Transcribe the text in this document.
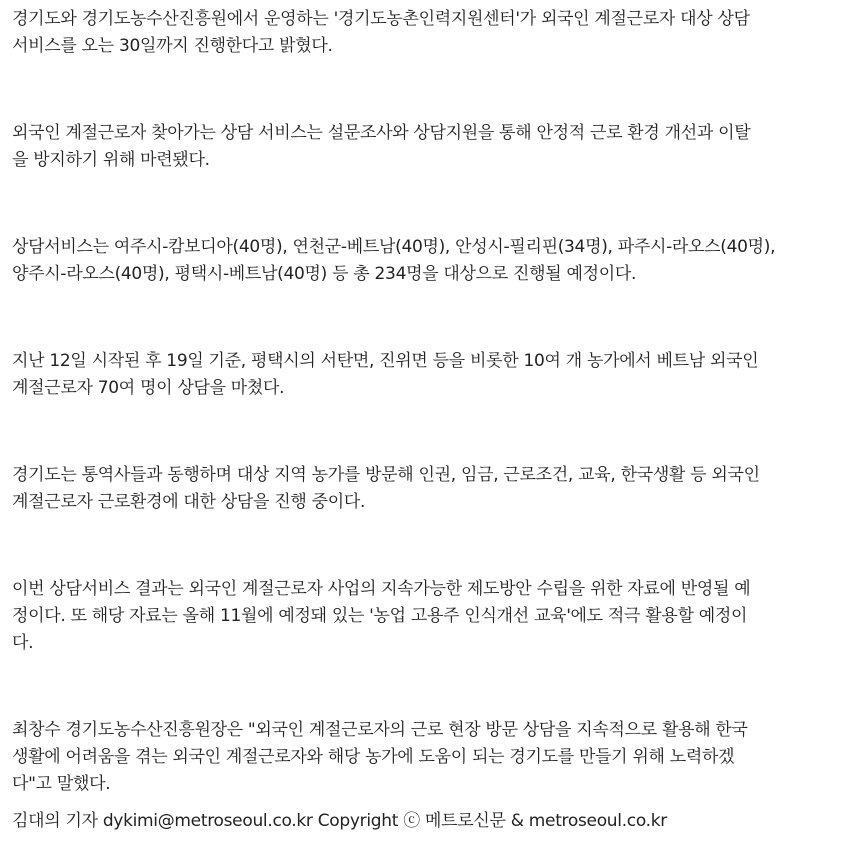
경기도와 경기도농수산진흥원에서 운영하는 '경기도농촌인력지원센터'가 외국인 계절근로자 대상 상담
서비스를 오는 30일까지 진행한다고 밝혔다.

외국인 계절근로자 찾아가는 상담 서비스는 설문조사와 상담지원을 통해 안정적 근로 환경 개선과 이탈
을 방지하기 위해 마련됐다.

상담서비스는 여주시-캄보디아(40명), 연천군-베트남(40명), 안성시-필리핀(34명), 파주시-라오스(40명),
양주시-라오스(40명), 평택시-베트남(40명) 등 총 234명을 대상으로 진행될 예정이다.

지난 12일 시작된 후 19일 기준, 평택시의 서탄면, 진위면 등을 비롯한 10여 개 농가에서 베트남 외국인
계절근로자 70여 명이 상담을 마쳤다.

경기도는 통역사들과 동행하며 대상 지역 농가를 방문해 인권, 임금, 근로조건, 교육, 한국생활 등 외국인
계절근로자 근로환경에 대한 상담을 진행 중이다.

이번 상담서비스 결과는 외국인 계절근로자 사업의 지속가능한 제도방안 수립을 위한 자료에 반영될 예
정이다. 또 해당 자료는 올해 11월에 예정돼 있는 '농업 고용주 인식개선 교육'에도 적극 활용할 예정이
다.

최창수 경기도농수산진흥원장은 "외국인 계절근로자의 근로 현장 방문 상담을 지속적으로 활용해 한국
생활에 어려움을 겪는 외국인 계절근로자와 해당 농가에 도움이 되는 경기도를 만들기 위해 노력하겠
다"고 말했다.

김대의 기자 dykimi@metroseoul.co.kr Copyright ⓒ 메트로신문 & metroseoul.co.kr
